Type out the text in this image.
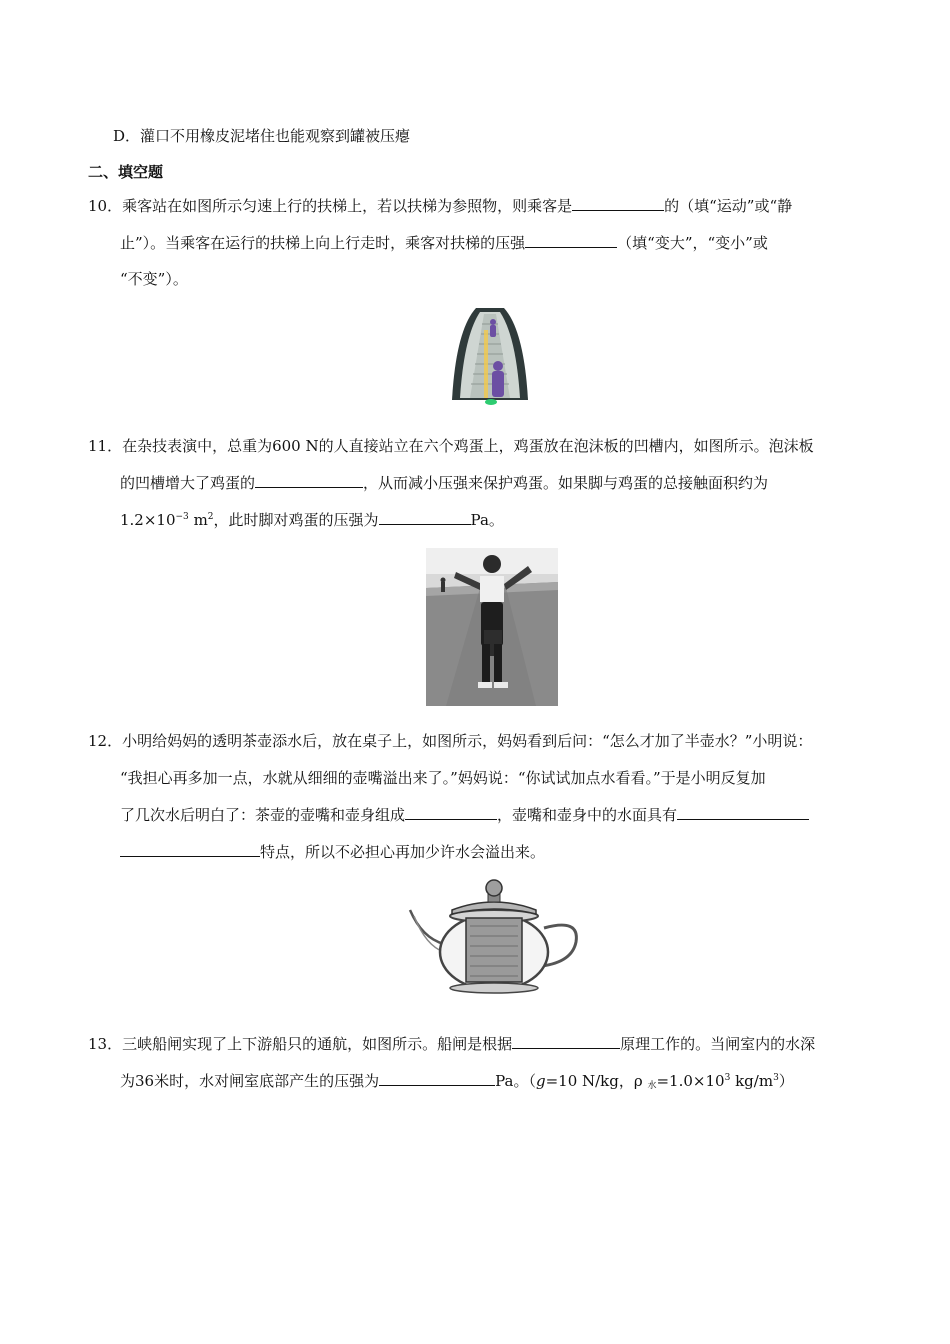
D．灌口不用橡皮泥堵住也能观察到罐被压瘪
二、填空题
10．乘客站在如图所示匀速上行的扶梯上，若以扶梯为参照物，则乘客是	的（填“运动”或“静
止”）。当乘客在运行的扶梯上向上行走时，乘客对扶梯的压强	（填“变大”，“变小”或
“不变”）。
11．在杂技表演中，总重为600 N的人直接站立在六个鸡蛋上，鸡蛋放在泡沫板的凹槽内，如图所示。泡沫板
的凹槽增大了鸡蛋的	，从而减小压强来保护鸡蛋。如果脚与鸡蛋的总接触面积约为
$1.2\times 10^{-3}$ $m^2$，此时脚对鸡蛋的压强为	Pa。
12．小明给妈妈的透明茶壶添水后，放在桌子上，如图所示，妈妈看到后问：“怎么才加了半壶水？”小明说：
“我担心再多加一点，水就从细细的壶嘴溢出来了。”妈妈说：“你试试加点水看看。”于是小明反复加
了几次水后明白了：茶壶的壶嘴和壶身组成	，壶嘴和壶身中的水面具有
特点，所以不必担心再加少许水会溢出来。
13．三峡船闸实现了上下游船只的通航，如图所示。船闸是根据	原理工作的。当闸室内的水深
为36米时，水对闸室底部产生的压强为	Pa。（g=10 N/kg，ρ 水$=1.0\times 10^3$ $kg/m^3$）
